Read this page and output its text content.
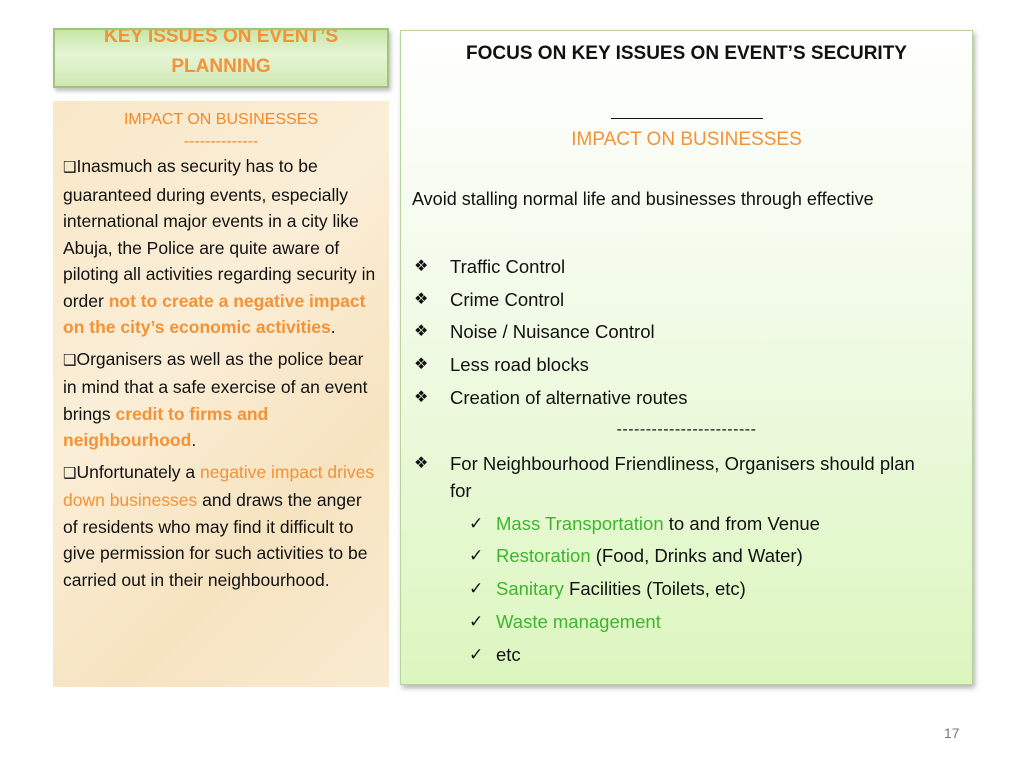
KEY ISSUES ON EVENT’S PLANNING
IMPACT ON BUSINESSES
--------------

❑Inasmuch as security has to be guaranteed during events, especially international major events in a city like Abuja, the Police are quite aware of piloting all activities regarding security in order not to create a negative impact on the city’s economic activities.

❑Organisers as well as the police bear in mind that a safe exercise of an event brings credit to firms and neighbourhood.

❑Unfortunately a negative impact drives down businesses and draws the anger of residents who may find it difficult to give permission for such activities to be carried out in their neighbourhood.

FOCUS ON KEY ISSUES ON EVENT’S SECURITY
IMPACT ON BUSINESSES
Avoid stalling normal life and businesses through effective
❖ Traffic Control
❖ Crime Control
❖ Noise / Nuisance Control
❖ Less road blocks
❖ Creation of alternative routes
------------------------
❖ For Neighbourhood Friendliness, Organisers should plan for
✓ Mass Transportation to and from Venue
✓ Restoration (Food, Drinks and Water)
✓ Sanitary Facilities (Toilets, etc)
✓ Waste management
✓ etc
17
